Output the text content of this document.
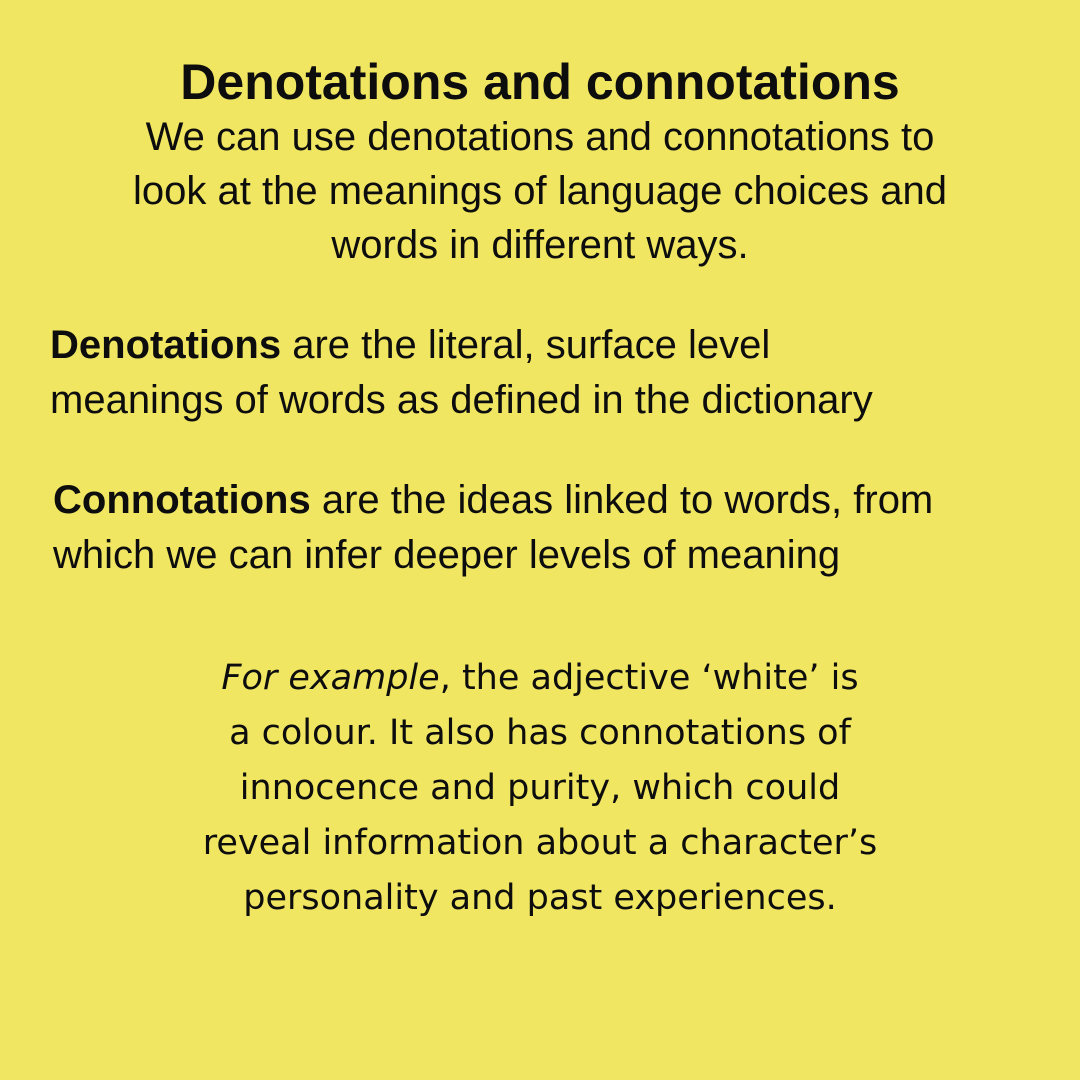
Denotations and connotations

We can use denotations and connotations to
look at the meanings of language choices and
words in different ways.

Denotations are the literal, surface level
meanings of words as defined in the dictionary

Connotations are the ideas linked to words, from
which we can infer deeper levels of meaning

For example, the adjective ‘white’ is
a colour. It also has connotations of
innocence and purity, which could
reveal information about a character’s
personality and past experiences.
